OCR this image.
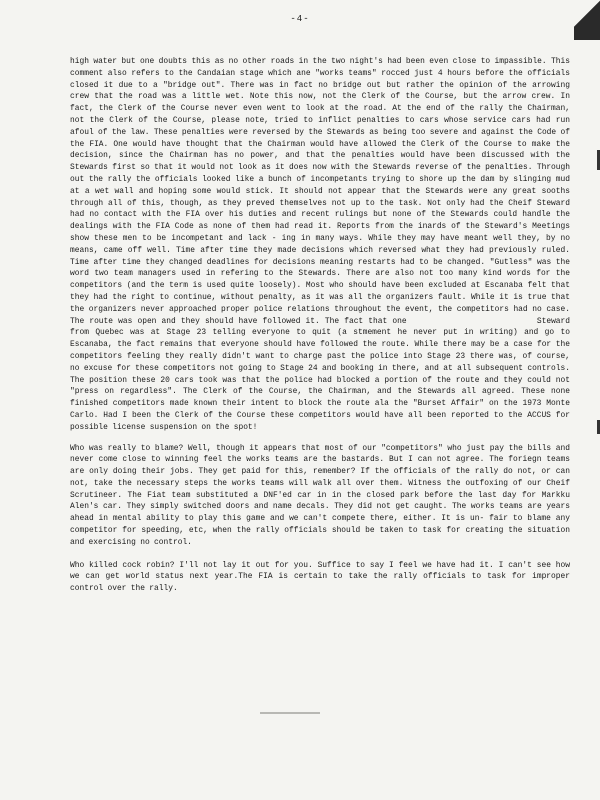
-4-

high water but one doubts this as no other roads in the two night's had been even close to impassible. This comment also refers to the Candaian stage which ane "works teams" rocced just 4 hours before the officials closed it due to a "bridge out". There was in fact no bridge out but rather the opinion of the arrowing crew that the road was a little wet. Note this now, not the Clerk of the Course, but the arrow crew. In fact, the Clerk of the Course never even went to look at the road. At the end of the rally the Chairman, not the Clerk of the Course, please note, tried to inflict penalties to cars whose service cars had run afoul of the law. These penalties were reversed by the Stewards as being too severe and against the Code of the FIA. One would have thought that the Chairman would have allowed the Clerk of the Course to make the decision, since the Chairman has no power, and that the penalties would have been discussed with the Stewards first so that it would not look as it does now with the Stewards reverse of the penalties. Through out the rally the officials looked like a bunch of incompetants trying to shore up the dam by slinging mud at a wet wall and hoping some would stick. It should not appear that the Stewards were any great sooths through all of this, though, as they preved themselves not up to the task. Not only had the Cheif Steward had no contact with the FIA over his duties and recent rulings but none of the Stewards could handle the dealings with the FIA Code as none of them had read it. Reports from the inards of the Steward's Meetings show these men to be incompetant and lack - ing in many ways. While they may have meant well they, by no means, came off well. Time after time they made decisions which reversed what they had previously ruled. Time after time they changed deadlines for decisions meaning restarts had to be changed. "Gutless" was the word two team managers used in refering to the Stewards. There are also not too many kind words for the competitors (and the term is used quite loosely). Most who should have been excluded at Escanaba felt that they had the right to continue, without penalty, as it was all the organizers fault. While it is true that the organizers never approached proper police relations throughout the event, the competitors had no case. The route was open and they should have followed it. The fact that one	Steward from Quebec was at Stage 23 telling everyone to quit (a stmement he never put in writing) and go to Escanaba, the fact remains that everyone should have followed the route. While there may be a case for the competitors feeling they really didn't want to charge past the police into Stage 23 there was, of course, no excuse for these competitors not going to Stage 24 and booking in there, and at all subsequent controls. The position these 20 cars took was that the police had blocked a portion of the route and they could not "press on regardless". The Clerk of the Course, the Chairman, and the Stewards all agreed. These none finished competitors made known their intent to block the route ala the "Burset Affair" on the 1973 Monte Carlo. Had I been the Clerk of the Course these competitors would have all been reported to the ACCUS for possible license suspension on the spot!

Who was really to blame? Well, though it appears that most of our "competitors" who just pay the bills and never come close to winning feel the works teams are the bastards. But I can not agree. The foriegn teams are only doing their jobs. They get paid for this, remember? If the officials of the rally do not, or can not, take the necessary steps the works teams will walk all over them. Witness the outfoxing of our Cheif Scrutineer. The Fiat team substituted a DNF'ed car in in the closed park before the last day for Markku Alen's car. They simply switched doors and name decals. They did not get caught. The works teams are years ahead in mental ability to play this game and we can't compete there, either. It is un- fair to blame any competitor for speeding, etc, when the rally officials should be taken to task for creating the situation and exercising no control.

Who killed cock robin? I'll not lay it out for you. Suffice to say I feel we have had it. I can't see how we can get world status next year.The FIA is certain to take the rally officials to task for improper control over the rally.
